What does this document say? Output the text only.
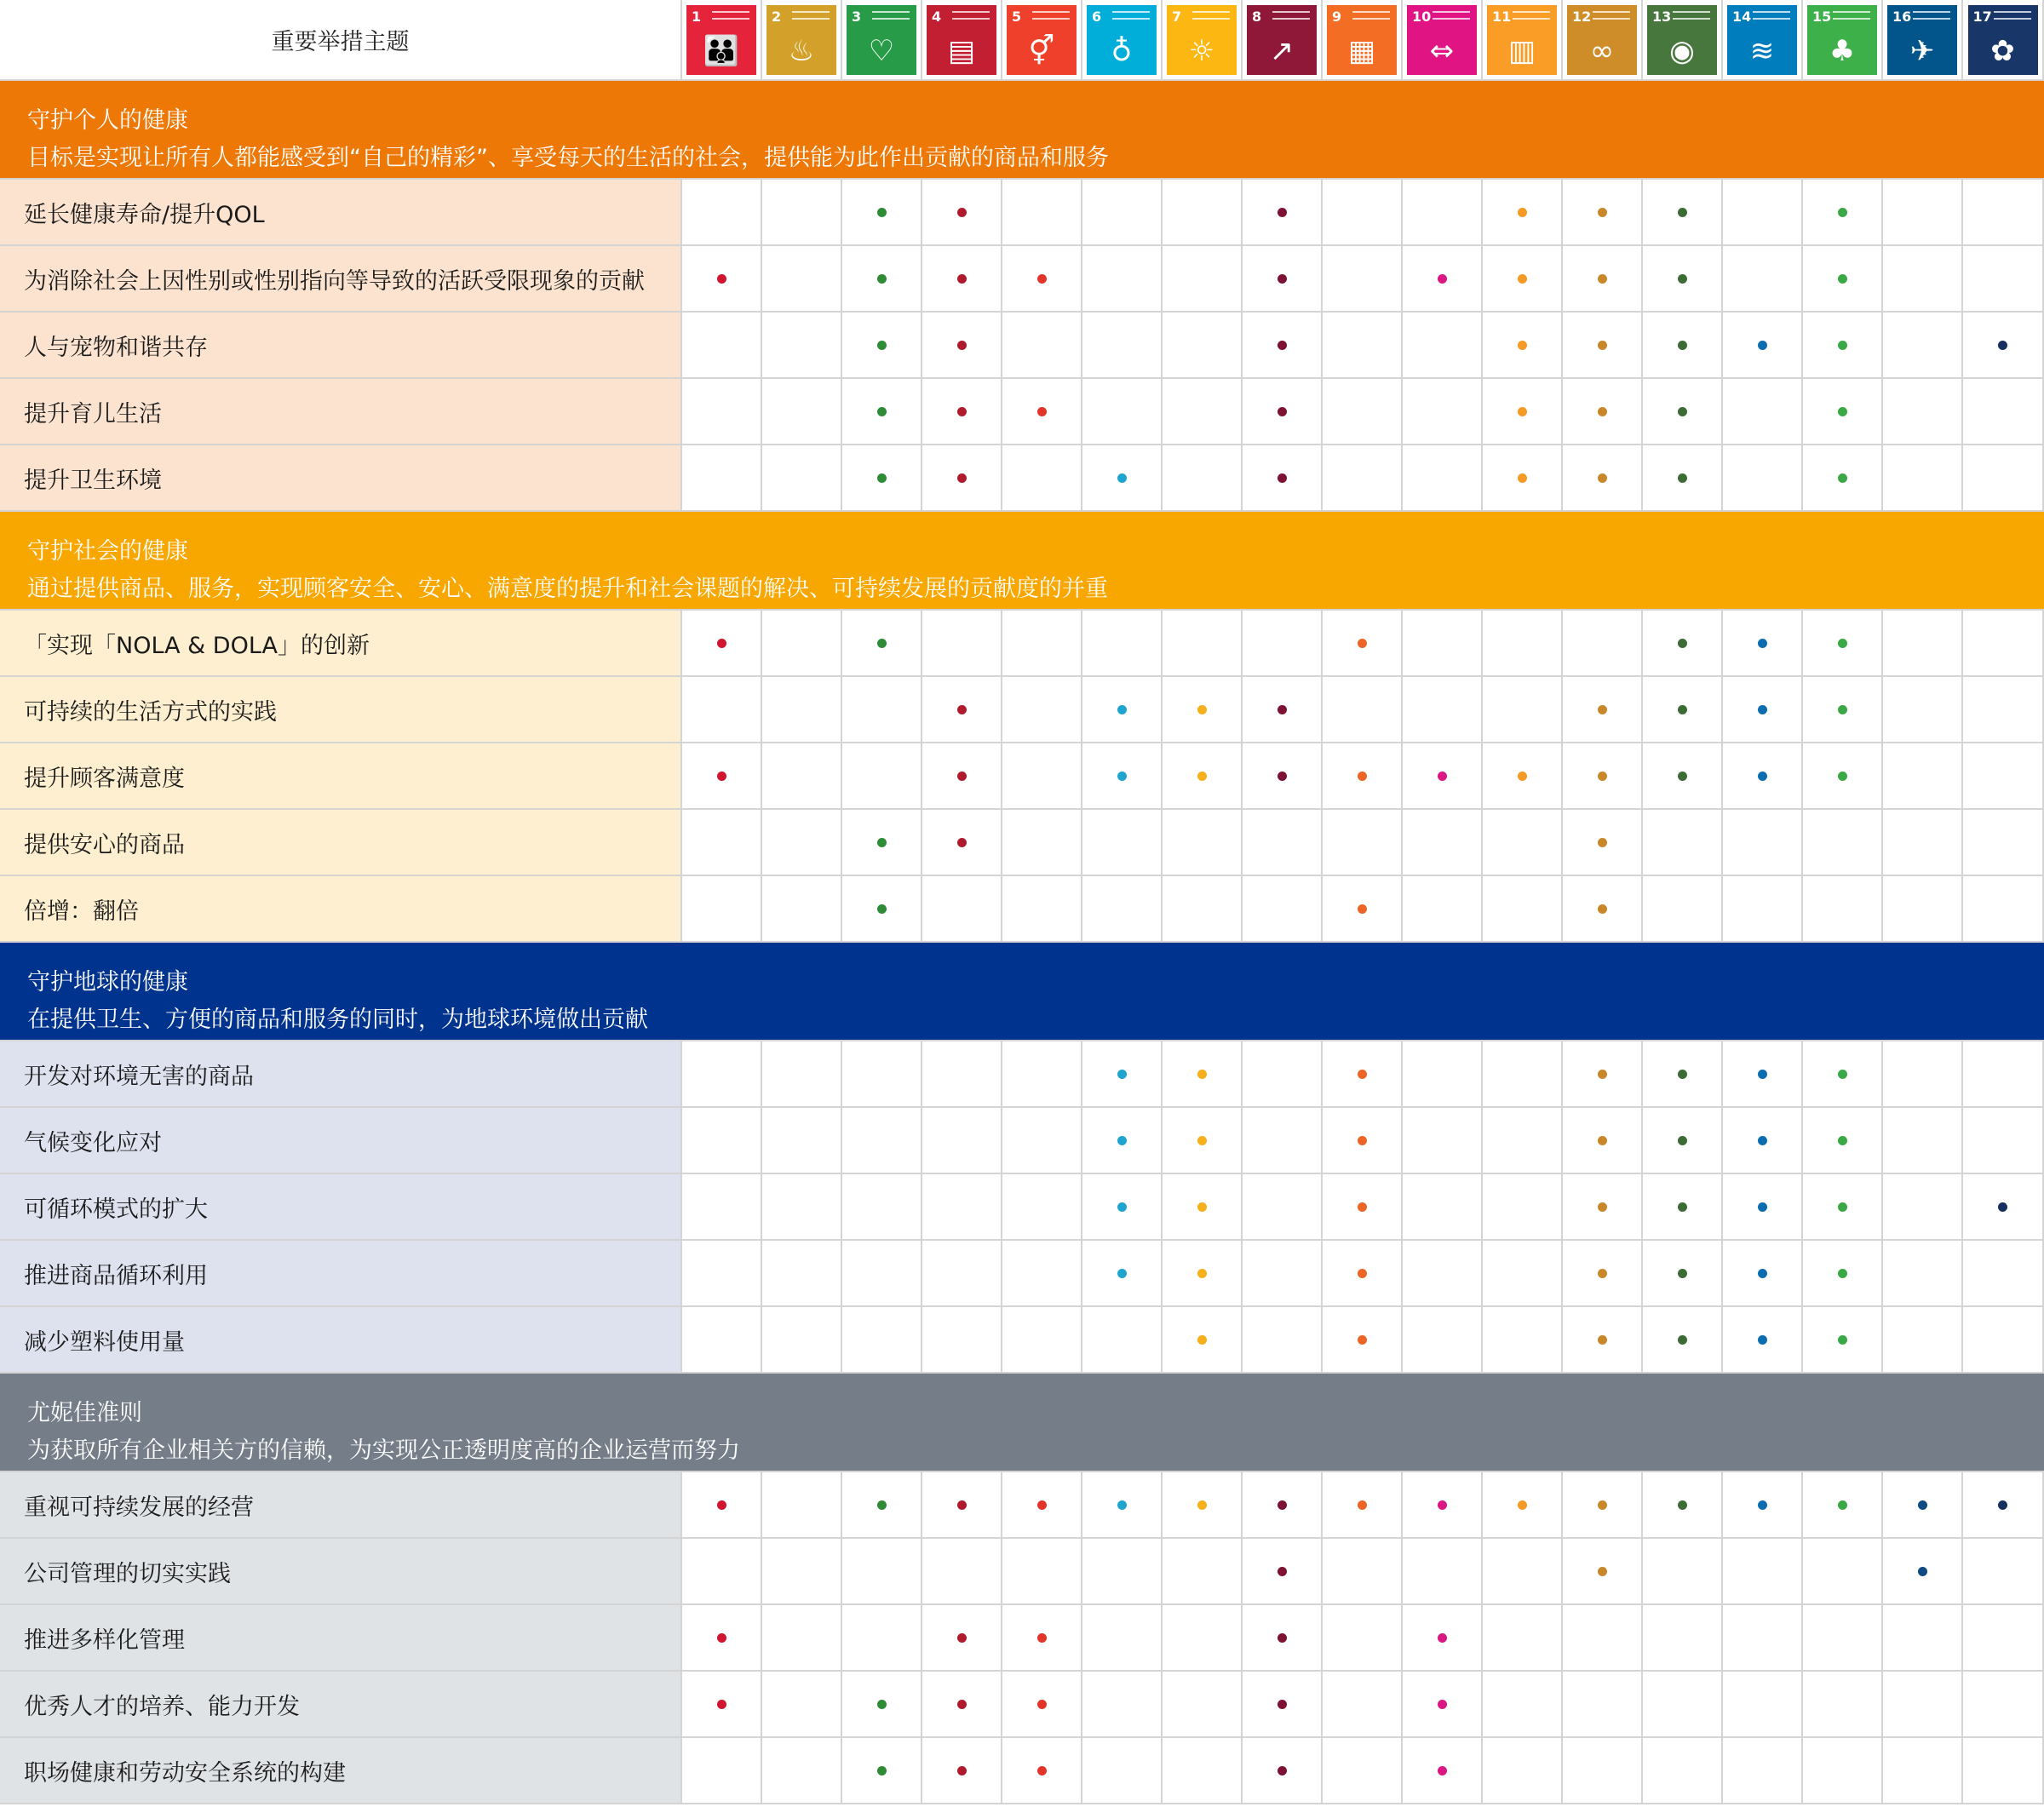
重要举措主题
1
👪
2
♨
3
♡
4
▤
5
⚥
6
♁
7
☼
8
↗
9
▦
10
⇔
11
▥
12
∞
13
◉
14
≋
15
♣
16
✈
17
✿
守护个人的健康
目标是实现让所有人都能感受到“自己的精彩”、享受每天的生活的社会，提供能为此作出贡献的商品和服务
延长健康寿命/提升QOL
为消除社会上因性别或性别指向等导致的活跃受限现象的贡献
人与宠物和谐共存
提升育儿生活
提升卫生环境
守护社会的健康
通过提供商品、服务，实现顾客安全、安心、满意度的提升和社会课题的解决、可持续发展的贡献度的并重
「实现「NOLA & DOLA」的创新
可持续的生活方式的实践
提升顾客满意度
提供安心的商品
倍增：翻倍
守护地球的健康
在提供卫生、方便的商品和服务的同时，为地球环境做出贡献
开发对环境无害的商品
气候变化应对
可循环模式的扩大
推进商品循环利用
减少塑料使用量
尤妮佳准则
为获取所有企业相关方的信赖，为实现公正透明度高的企业运营而努力
重视可持续发展的经营
公司管理的切实实践
推进多样化管理
优秀人才的培养、能力开发
职场健康和劳动安全系统的构建
